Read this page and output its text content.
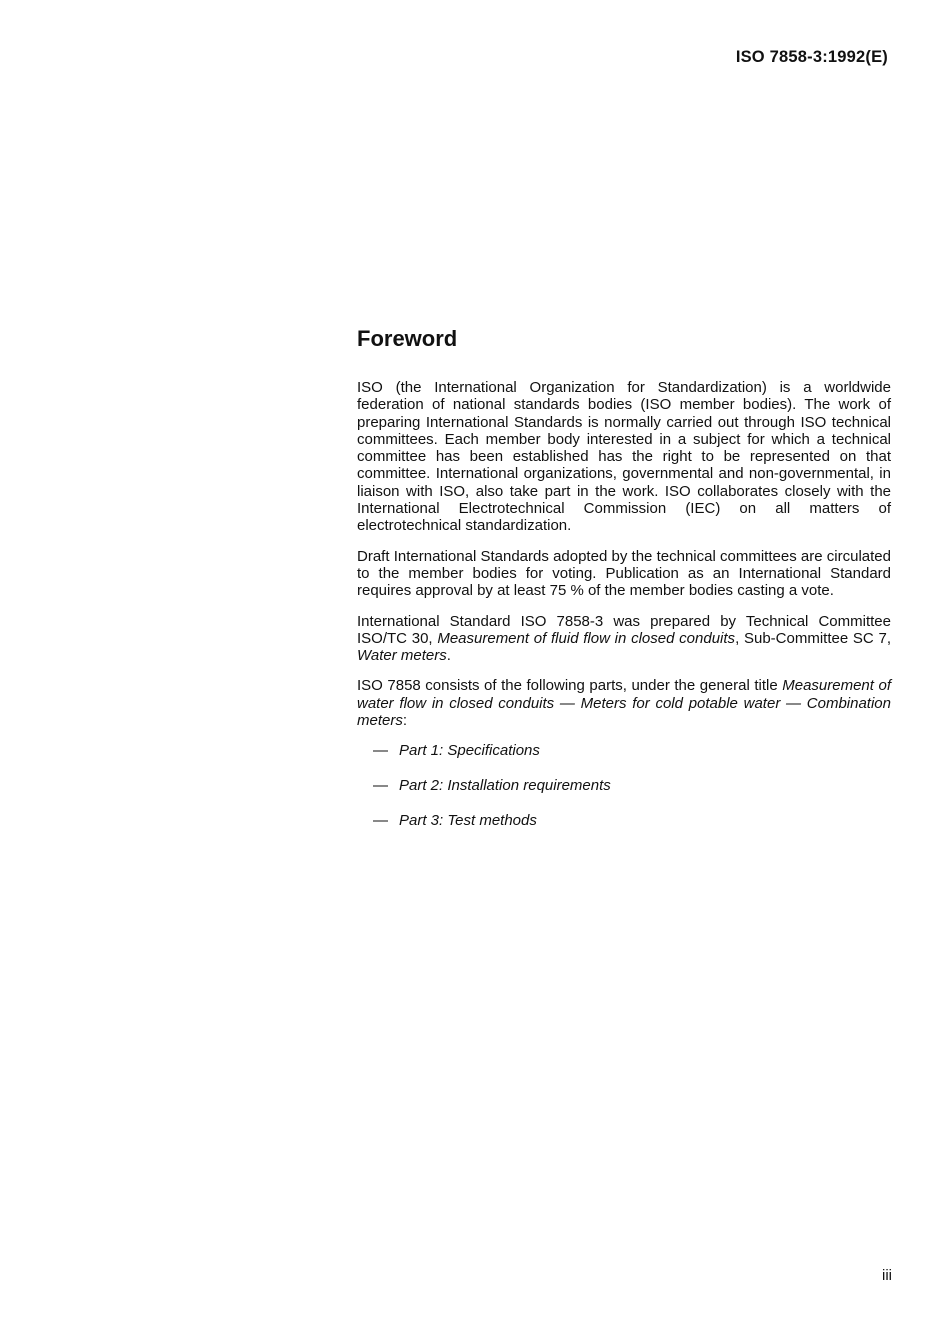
ISO 7858-3:1992(E)
Foreword

ISO (the International Organization for Standardization) is a worldwide federation of national standards bodies (ISO member bodies). The work of preparing International Standards is normally carried out through ISO technical committees. Each member body interested in a subject for which a technical committee has been established has the right to be represented on that committee. International organizations, governmental and non-governmental, in liaison with ISO, also take part in the work. ISO collaborates closely with the International Electrotechnical Commission (IEC) on all matters of electrotechnical standardization.

Draft International Standards adopted by the technical committees are circulated to the member bodies for voting. Publication as an International Standard requires approval by at least 75 % of the member bodies casting a vote.

International Standard ISO 7858-3 was prepared by Technical Committee ISO/TC 30, Measurement of fluid flow in closed conduits, Sub-Committee SC 7, Water meters.

ISO 7858 consists of the following parts, under the general title Measurement of water flow in closed conduits — Meters for cold potable water — Combination meters:

— Part 1: Specifications
— Part 2: Installation requirements
— Part 3: Test methods
iii
